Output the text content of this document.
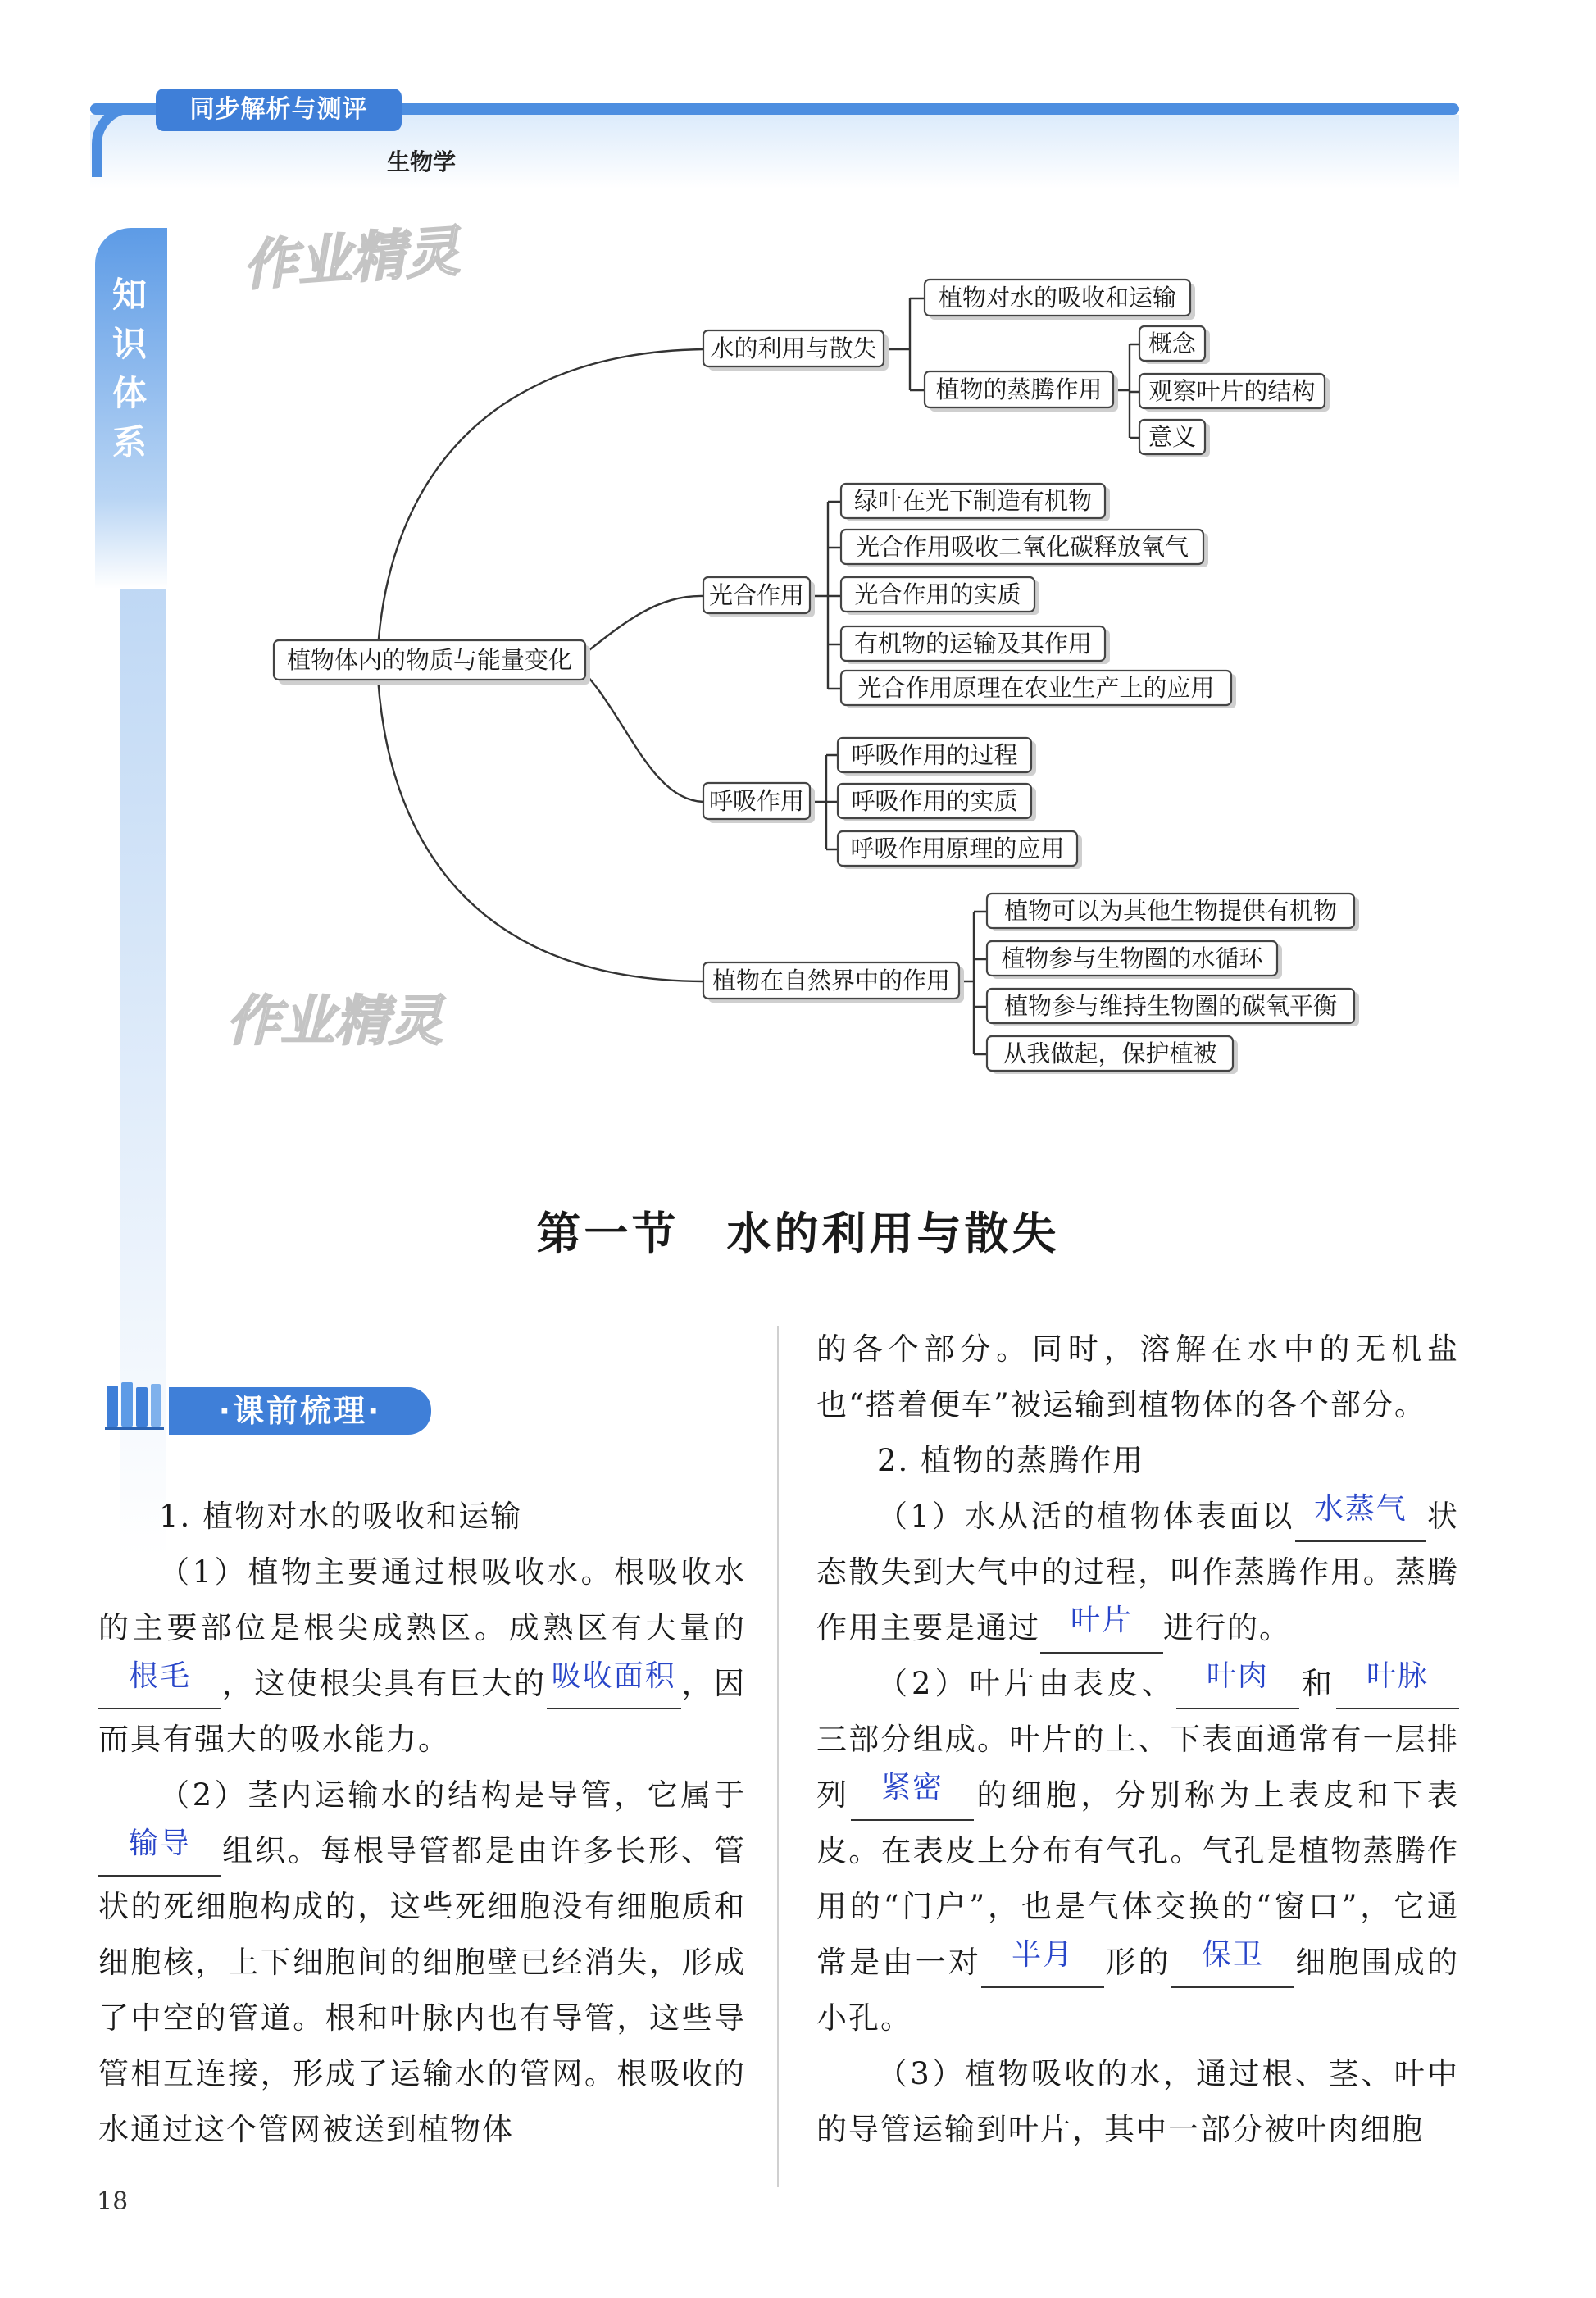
同步解析与测评
生物学
知
识
体
系
作业精灵
作业精灵
植物体内的物质与能量变化
水的利用与散失
植物对水的吸收和运输
植物的蒸腾作用
概念
观察叶片的结构
意义
光合作用
绿叶在光下制造有机物
光合作用吸收二氧化碳释放氧气
光合作用的实质
有机物的运输及其作用
光合作用原理在农业生产上的应用
呼吸作用
呼吸作用的过程
呼吸作用的实质
呼吸作用原理的应用
植物在自然界中的作用
植物可以为其他生物提供有机物
植物参与生物圈的水循环
植物参与维持生物圈的碳氧平衡
从我做起，保护植被
第一节　水的利用与散失
·课前梳理·

1. 植物对水的吸收和运输

（1）植物主要通过根吸收水。根吸收水的主要部位是根尖成熟区。成熟区有大量的根毛 ，这使根尖具有巨大的 吸收面积 ，因而具有强大的吸水能力。

（2）茎内运输水的结构是导管，它属于输导 组织。每根导管都是由许多长形、管状的死细胞构成的，这些死细胞没有细胞质和细胞核，上下细胞间的细胞壁已经消失，形成了中空的管道。根和叶脉内也有导管，这些导管相互连接，形成了运输水的管网。根吸收的水通过这个管网被送到植物体

的各个部分。同时，溶解在水中的无机盐也“搭着便车”被运输到植物体的各个部分。

2. 植物的蒸腾作用

（1）水从活的植物体表面以 水蒸气 状态散失到大气中的过程，叫作蒸腾作用。蒸腾作用主要是通过 叶片 进行的。

（2）叶片由表皮、 叶肉 和 叶脉三部分组成。叶片的上、下表面通常有一层排列 紧密 的细胞，分别称为上表皮和下表皮。在表皮上分布有气孔。气孔是植物蒸腾作用的“门户”，也是气体交换的“窗口”，它通常是由一对 半月 形的 保卫 细胞围成的小孔。

（3）植物吸收的水，通过根、茎、叶中的导管运输到叶片，其中一部分被叶肉细胞

18
